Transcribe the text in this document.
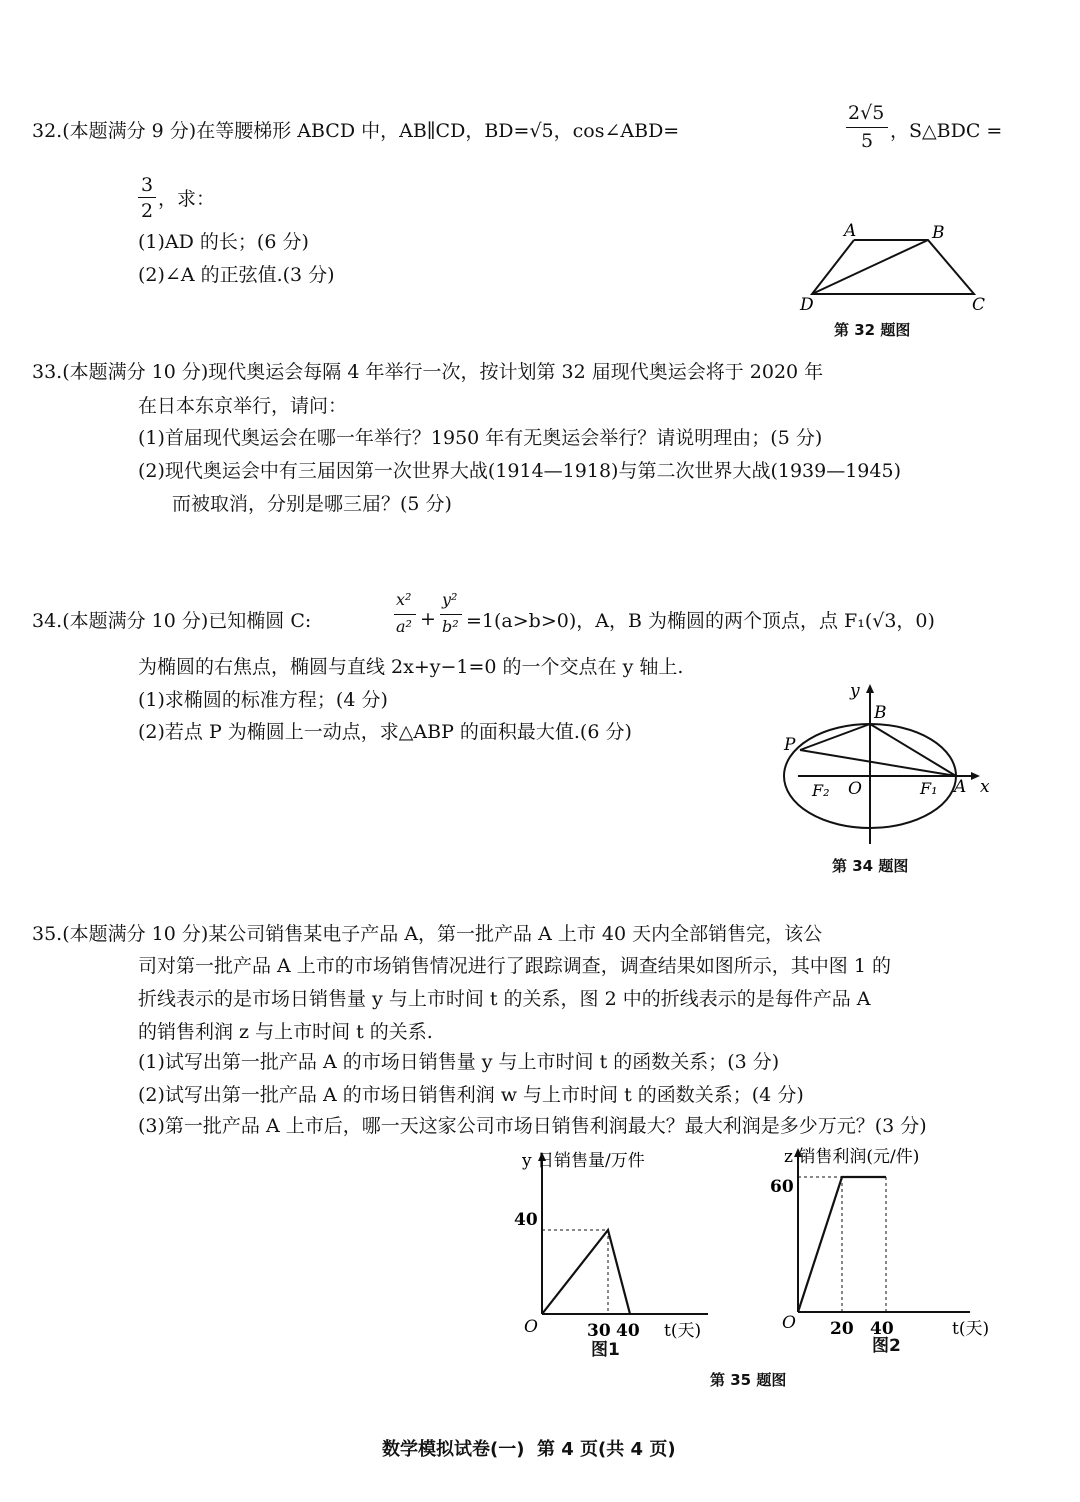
32.(本题满分 9 分)在等腰梯形 ABCD 中，AB∥CD，BD=√5，cos∠ABD=
2√5
5 ，S△BDC =
3
2
，求：
(1)AD 的长；(6 分)
(2)∠A 的正弦值.(3 分)
A	B
C
D
第 32 题图
33.(本题满分 10 分)现代奥运会每隔 4 年举行一次，按计划第 32 届现代奥运会将于 2020 年
在日本东京举行，请问：
(1)首届现代奥运会在哪一年举行？1950 年有无奥运会举行？请说明理由；(5 分)
(2)现代奥运会中有三届因第一次世界大战(1914—1918)与第二次世界大战(1939—1945)
而被取消，分别是哪三届？(5 分)
34.(本题满分 10 分)已知椭圆 C:
x²
a² +
y²
b² =1(a>b>0)，A，B 为椭圆的两个顶点，点 F₁(√3，0)
为椭圆的右焦点，椭圆与直线 2x+y−1=0 的一个交点在 y 轴上.
(1)求椭圆的标准方程；(4 分)
(2)若点 P 为椭圆上一动点，求△ABP 的面积最大值.(6 分)
y
x
B
P
F₂ O	F₁ A
第 34 题图
35.(本题满分 10 分)某公司销售某电子产品 A，第一批产品 A 上市 40 天内全部销售完，该公
司对第一批产品 A 上市的市场销售情况进行了跟踪调查，调查结果如图所示，其中图 1 的
折线表示的是市场日销售量 y 与上市时间 t 的关系，图 2 中的折线表示的是每件产品 A
的销售利润 z 与上市时间 t 的关系.
(1)试写出第一批产品 A 的市场日销售量 y 与上市时间 t 的函数关系；(3 分)
(2)试写出第一批产品 A 的市场日销售利润 w 与上市时间 t 的函数关系；(4 分)
(3)第一批产品 A 上市后，哪一天这家公司市场日销售利润最大？最大利润是多少万元？(3 分)
y 日销售量/万件
t(天)
O
40
30 40
图1
z 销售利润(元/件)
t(天)
O
60
20 40
图2
第 35 题图
数学模拟试卷(一)  第 4 页(共 4 页)
